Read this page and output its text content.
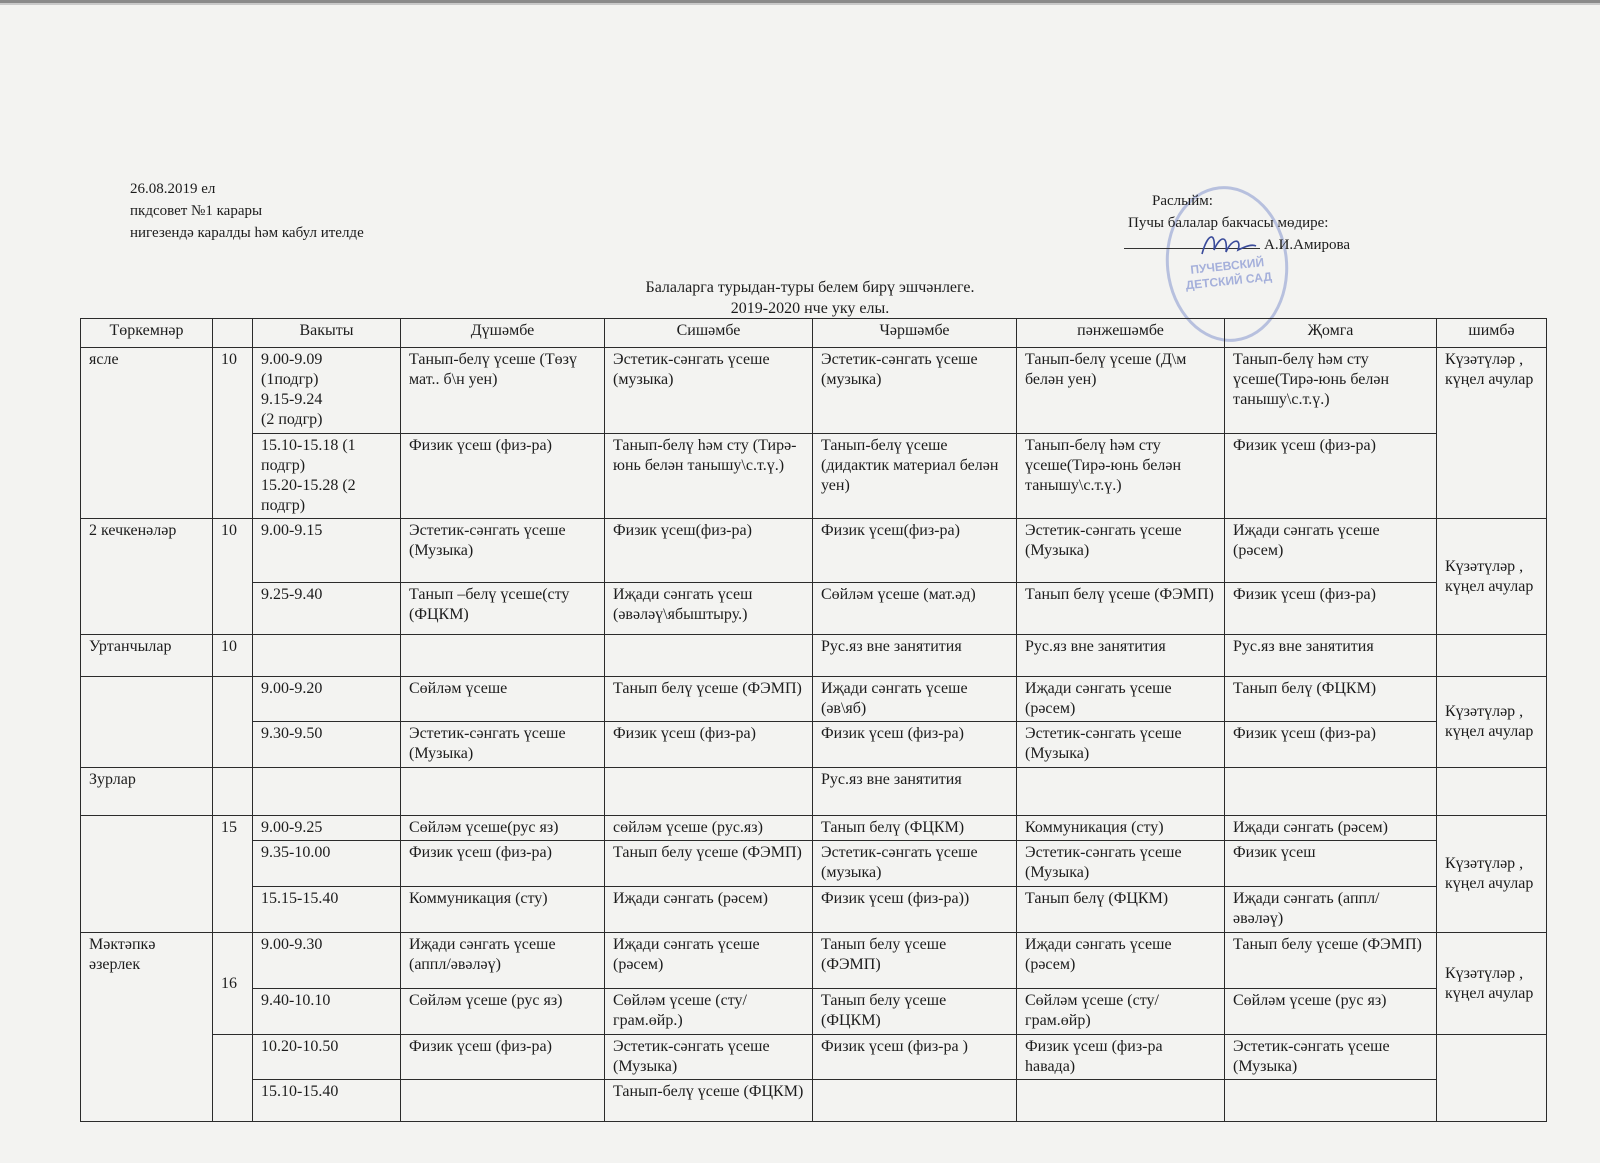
26.08.2019 ел
пкдсовет №1 карары
нигезендә каралды һәм кабул ителде
ПУЧЕВСКИЙ ДЕТСКИЙ САД
Раслыйм:
Пучы балалар бакчасы мөдире:
А.И.Амирова
Балаларга турыдан-туры белем бирү эшчәнлеге.
2019-2020 нче уку елы.
Төркемнәр		Вакыты	Дүшәмбе	Сишәмбе	Чәршәмбе	пәнжешәмбе	Җомга	шимбә
ясле	10	9.00-9.09
(1подгр)
9.15-9.24
(2 подгр)	Танып-белү үсеше (Төзү мат.. б\н уен)	Эстетик-сәнгать үсеше (музыка)	Эстетик-сәнгать үсеше (музыка)	Танып-белү үсеше (Д\м белән уен)	Танып-белү һәм сту үсеше(Тирә-юнь белән танышу\с.т.ү.)	Күзәтүләр , күңел ачулар
		15.10-15.18 (1 подгр)
15.20-15.28 (2 подгр)	Физик үсеш (физ-ра)	Танып-белү һәм сту (Тирә-юнь белән танышу\с.т.ү.)	Танып-белү үсеше (дидактик материал белән уен)	Танып-белү һәм сту үсеше(Тирә-юнь белән танышу\с.т.ү.)	Физик үсеш (физ-ра)	
2 кечкенәләр	10	9.00-9.15	Эстетик-сәнгать үсеше (Музыка)	Физик үсеш(физ-ра)	Физик үсеш(физ-ра)	Эстетик-сәнгать үсеше (Музыка)	Иҗади сәнгать үсеше (рәсем)	Күзәтүләр , күңел ачулар
		9.25-9.40	Танып –белү үсеше(сту (ФЦКМ)	Иҗади сәнгать үсеш (әвәләү\ябыштыру.)	Сөйләм үсеше (мат.әд)	Танып белү үсеше (ФЭМП)	Физик үсеш (физ-ра)	
Уртанчылар	10				Рус.яз вне занятития	Рус.яз вне занятития	Рус.яз вне занятития	
		9.00-9.20	Сөйләм үсеше	Танып белү үсеше (ФЭМП)	Иҗади сәнгать үсеше (әв\яб)	Иҗади сәнгать үсеше (рәсем)	Танып белү (ФЦКМ)	Күзәтүләр , күңел ачулар
		9.30-9.50	Эстетик-сәнгать үсеше (Музыка)	Физик үсеш (физ-ра)	Физик үсеш (физ-ра)	Эстетик-сәнгать үсеше (Музыка)	Физик үсеш (физ-ра)	
Зурлар					Рус.яз вне занятития			
	15	9.00-9.25	Сөйләм үсеше(рус яз)	сөйләм үсеше (рус.яз)	Танып белү (ФЦКМ)	Коммуникация (сту)	Иҗади сәнгать (рәсем)	Күзәтүләр , күңел ачулар
		9.35-10.00	Физик үсеш (физ-ра)	Танып белу үсеше (ФЭМП)	Эстетик-сәнгать үсеше (музыка)	Эстетик-сәнгать үсеше (Музыка)	Физик үсеш	
		15.15-15.40	Коммуникация (сту)	Иҗади сәнгать (рәсем)	Физик үсеш (физ-ра))	Танып белү (ФЦКМ)	Иҗади сәнгать (аппл/әвәләү)	
Мәктәпкә әзерлек	16	9.00-9.30	Иҗади сәнгать үсеше (аппл/әвәләү)	Иҗади сәнгать үсеше (рәсем)	Танып белу үсеше (ФЭМП)	Иҗади сәнгать үсеше (рәсем)	Танып белу үсеше (ФЭМП)	Күзәтүләр , күңел ачулар
		9.40-10.10	Сөйләм үсеше (рус яз)	Сөйләм үсеше (сту/грам.өйр.)	Танып белу үсеше (ФЦКМ)	Сөйләм үсеше (сту/грам.өйр)	Сөйләм үсеше (рус яз)	
		10.20-10.50	Физик үсеш (физ-ра)	Эстетик-сәнгать үсеше (Музыка)	Физик үсеш (физ-ра )	Физик үсеш (физ-ра һавада)	Эстетик-сәнгать үсеше (Музыка)	
		15.10-15.40		Танып-белү үсеше (ФЦКМ)				
